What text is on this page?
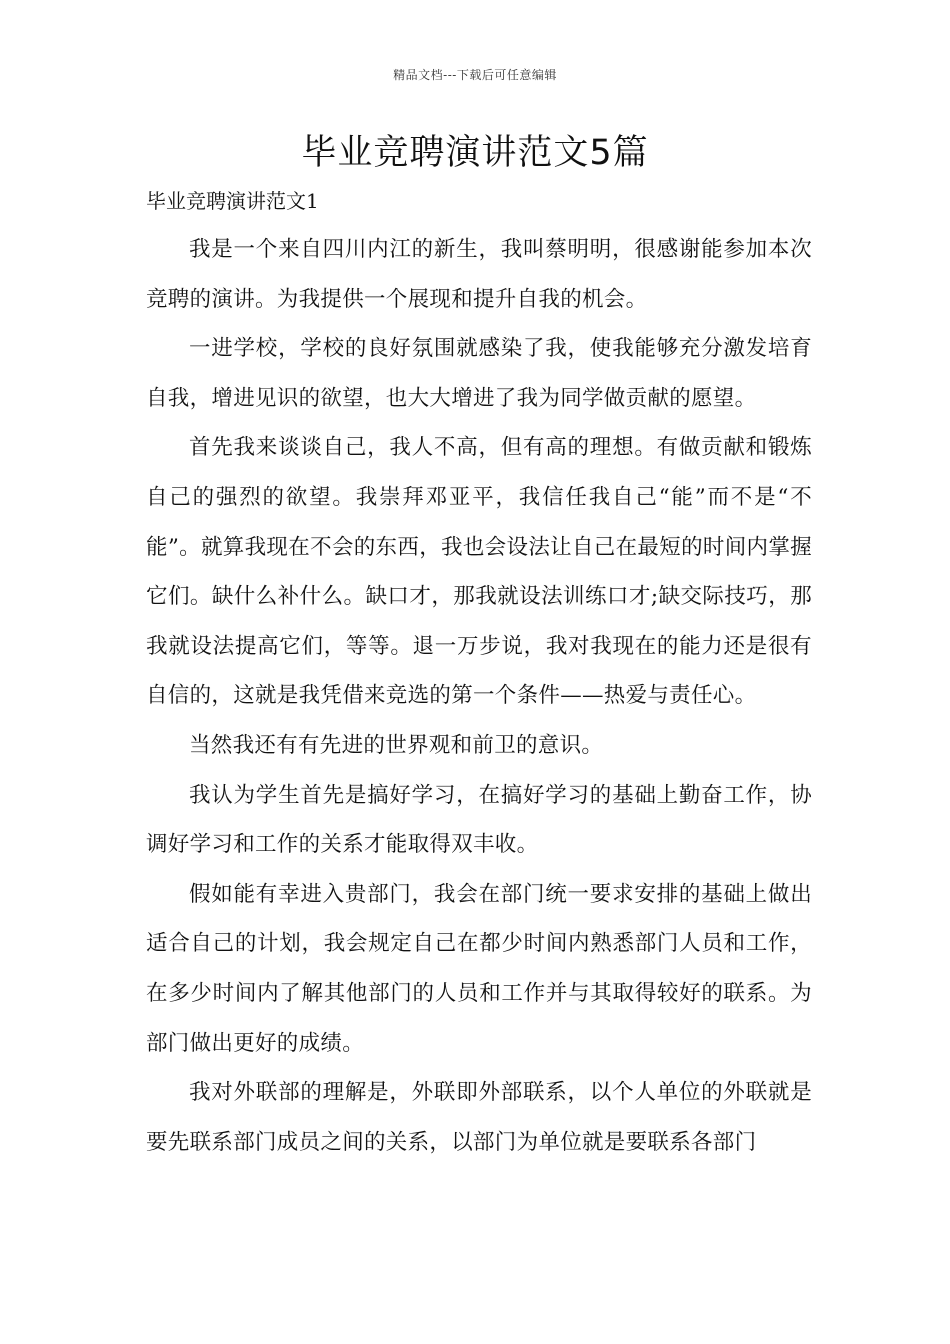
精品文档---下载后可任意编辑
毕业竞聘演讲范文5篇

毕业竞聘演讲范文1

我是一个来自四川内江的新生，我叫蔡明明，很感谢能参加本次竞聘的演讲。为我提供一个展现和提升自我的机会。

一进学校，学校的良好氛围就感染了我，使我能够充分激发培育自我，增进见识的欲望，也大大增进了我为同学做贡献的愿望。

首先我来谈谈自己，我人不高，但有高的理想。有做贡献和锻炼自己的强烈的欲望。我崇拜邓亚平，我信任我自己“能”而不是“不能”。就算我现在不会的东西，我也会设法让自己在最短的时间内掌握它们。缺什么补什么。缺口才，那我就设法训练口才;缺交际技巧，那我就设法提高它们，等等。退一万步说，我对我现在的能力还是很有自信的，这就是我凭借来竞选的第一个条件——热爱与责任心。

当然我还有有先进的世界观和前卫的意识。

我认为学生首先是搞好学习，在搞好学习的基础上勤奋工作，协调好学习和工作的关系才能取得双丰收。

假如能有幸进入贵部门，我会在部门统一要求安排的基础上做出适合自己的计划，我会规定自己在都少时间内熟悉部门人员和工作，在多少时间内了解其他部门的人员和工作并与其取得较好的联系。为部门做出更好的成绩。

我对外联部的理解是，外联即外部联系，以个人单位的外联就是要先联系部门成员之间的关系，以部门为单位就是要联系各部门
